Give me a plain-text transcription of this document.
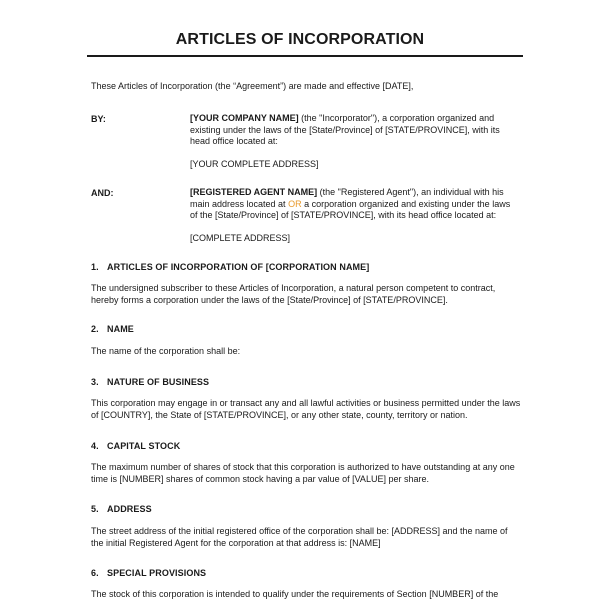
ARTICLES OF INCORPORATION
These Articles of Incorporation (the “Agreement”) are made and effective [DATE],
BY:	[YOUR COMPANY NAME] (the "Incorporator"), a corporation organized and existing under the laws of the [State/Province] of [STATE/PROVINCE], with its head office located at:

[YOUR COMPLETE ADDRESS]

AND:	[REGISTERED AGENT NAME] (the "Registered Agent"), an individual with his main address located at OR a corporation organized and existing under the laws of the [State/Province] of [STATE/PROVINCE], with its head office located at:

[COMPLETE ADDRESS]

1. ARTICLES OF INCORPORATION OF [CORPORATION NAME]
The undersigned subscriber to these Articles of Incorporation, a natural person competent to contract, hereby forms a corporation under the laws of the [State/Province] of [STATE/PROVINCE].
2. NAME
The name of the corporation shall be:
3. NATURE OF BUSINESS
This corporation may engage in or transact any and all lawful activities or business permitted under the laws of [COUNTRY], the State of [STATE/PROVINCE], or any other state, county, territory or nation.
4. CAPITAL STOCK
The maximum number of shares of stock that this corporation is authorized to have outstanding at any one time is [NUMBER] shares of common stock having a par value of [VALUE] per share.
5. ADDRESS
The street address of the initial registered office of the corporation shall be: [ADDRESS] and the name of the initial Registered Agent for the corporation at that address is: [NAME]
6. SPECIAL PROVISIONS
The stock of this corporation is intended to qualify under the requirements of Section [NUMBER] of the
